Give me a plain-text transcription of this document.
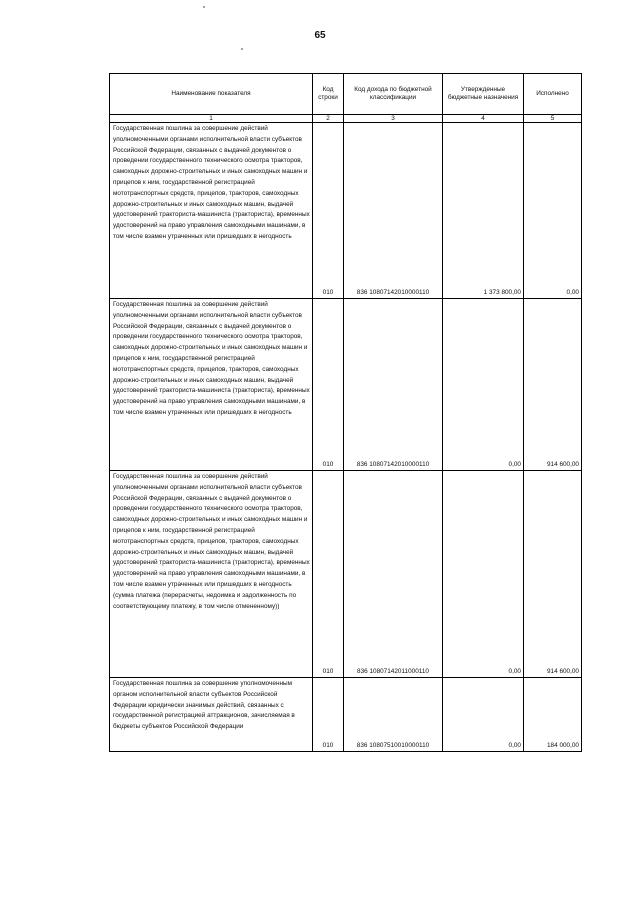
65
Наименование показателя	Код строки	Код дохода по бюджетной классификации	Утвержденные бюджетные назначения	Исполнено
1	2	3	4	5
Государственная пошлина за совершение действий уполномоченными органами исполнительной власти субъектов Российской Федерации, связанных с выдачей документов о проведении государственного технического осмотра тракторов, самоходных дорожно-строительных и иных самоходных машин и прицепов к ним, государственной регистрацией мототранспортных средств, прицепов, тракторов, самоходных дорожно-строительных и иных самоходных машин, выдачей удостоверений тракториста-машиниста (тракториста), временных удостоверений на право управления самоходными машинами, в том числе взамен утраченных или пришедших в негодность	010	836 10807142010000110	1 373 800,00	0,00
Государственная пошлина за совершение действий уполномоченными органами исполнительной власти субъектов Российской Федерации, связанных с выдачей документов о проведении государственного технического осмотра тракторов, самоходных дорожно-строительных и иных самоходных машин и прицепов к ним, государственной регистрацией мототранспортных средств, прицепов, тракторов, самоходных дорожно-строительных и иных самоходных машин, выдачей удостоверений тракториста-машиниста (тракториста), временных удостоверений на право управления самоходными машинами, в том числе взамен утраченных или пришедших в негодность	010	836 10807142010000110	0,00	914 600,00
Государственная пошлина за совершение действий уполномоченными органами исполнительной власти субъектов Российской Федерации, связанных с выдачей документов о проведении государственного технического осмотра тракторов, самоходных дорожно-строительных и иных самоходных машин и прицепов к ним, государственной регистрацией мототранспортных средств, прицепов, тракторов, самоходных дорожно-строительных и иных самоходных машин, выдачей удостоверений тракториста-машиниста (тракториста), временных удостоверений на право управления самоходными машинами, в том числе взамен утраченных или пришедших в негодность (сумма платежа (перерасчеты, недоимка и задолженность по соответствующему платежу, в том числе отмененному))	010	836 10807142011000110	0,00	914 600,00
Государственная пошлина за совершение уполномоченным органом исполнительной власти субъектов Российской Федерации юридически значимых действий, связанных с государственной регистрацией аттракционов, зачисляемая в бюджеты субъектов Российской Федерации	010	836 10807510010000110	0,00	184 000,00
